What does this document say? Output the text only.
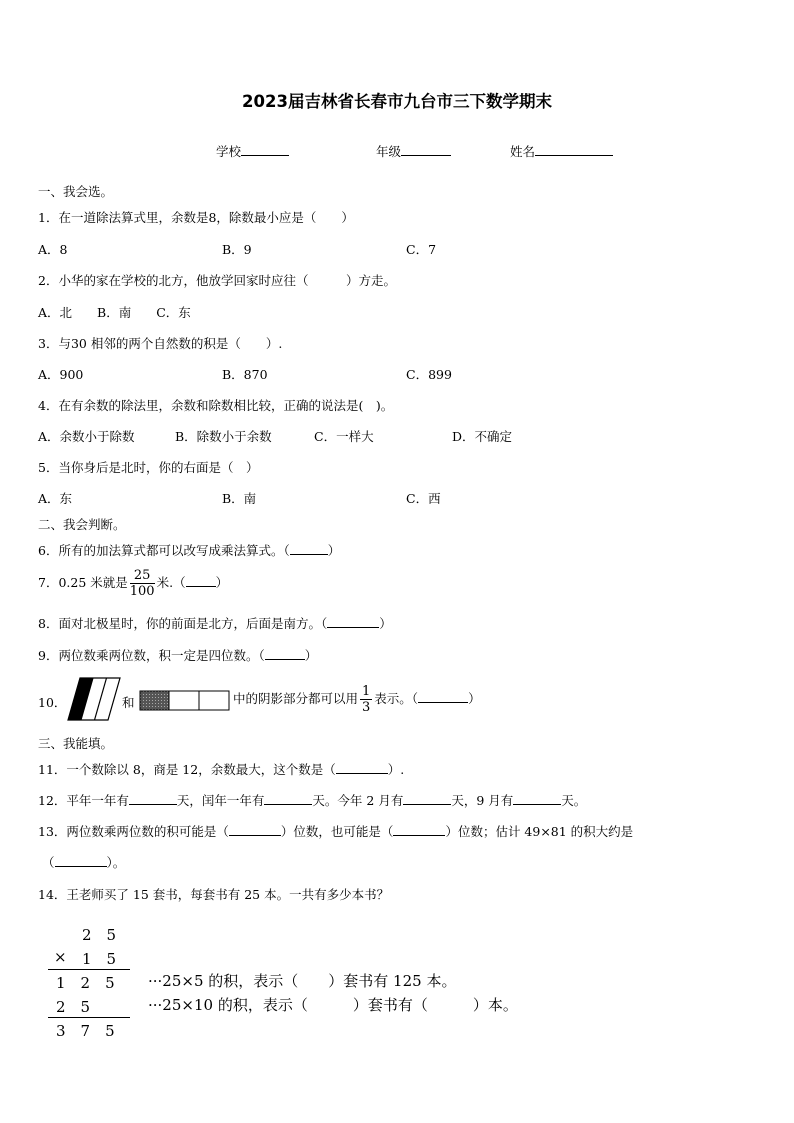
2023届吉林省长春市九台市三下数学期末
学校	年级	姓名
一、我会选。
1．在一道除法算式里，余数是8，除数最小应是（　　）
A．8	B．9	C．7
2．小华的家在学校的北方，他放学回家时应往（　　　）方走。
A．北　　B．南　　C．东
3．与30 相邻的两个自然数的积是（　　）.
A．900	B．870	C．899
4．在有余数的除法里，余数和除数相比较，正确的说法是(　)。
A．余数小于除数	B．除数小于余数	C．一样大	D．不确定
5．当你身后是北时，你的右面是（　）
A．东	B．南	C．西
二、我会判断。
6．所有的加法算式都可以改写成乘法算式。（	）
7．0.25 米就是 $\frac{25}{100}$ 米.（ ）
8．面对北极星时，你的前面是北方，后面是南方。（	）
9．两位数乘两位数，积一定是四位数。（	）
10．	和	中的阴影部分都可以用 $\frac{1}{3}$ 表示。（	）
三、我能填。
11．一个数除以 8，商是 12，余数最大，这个数是（	）.
12．平年一年有	天，闰年一年有	天。今年 2 月有	天，9 月有	天。
13．两位数乘两位数的积可能是（	）位数，也可能是（	）位数；估计 49×81 的积大约是
（	）。
14．王老师买了 15 套书，每套书有 25 本。一共有多少本书？
2　5
× 1　5
1　2　5
2　5
3　7　5
···25×5 的积，表示（　　）套书有 125 本。
···25×10 的积，表示（　　　）套书有（　　　）本。
